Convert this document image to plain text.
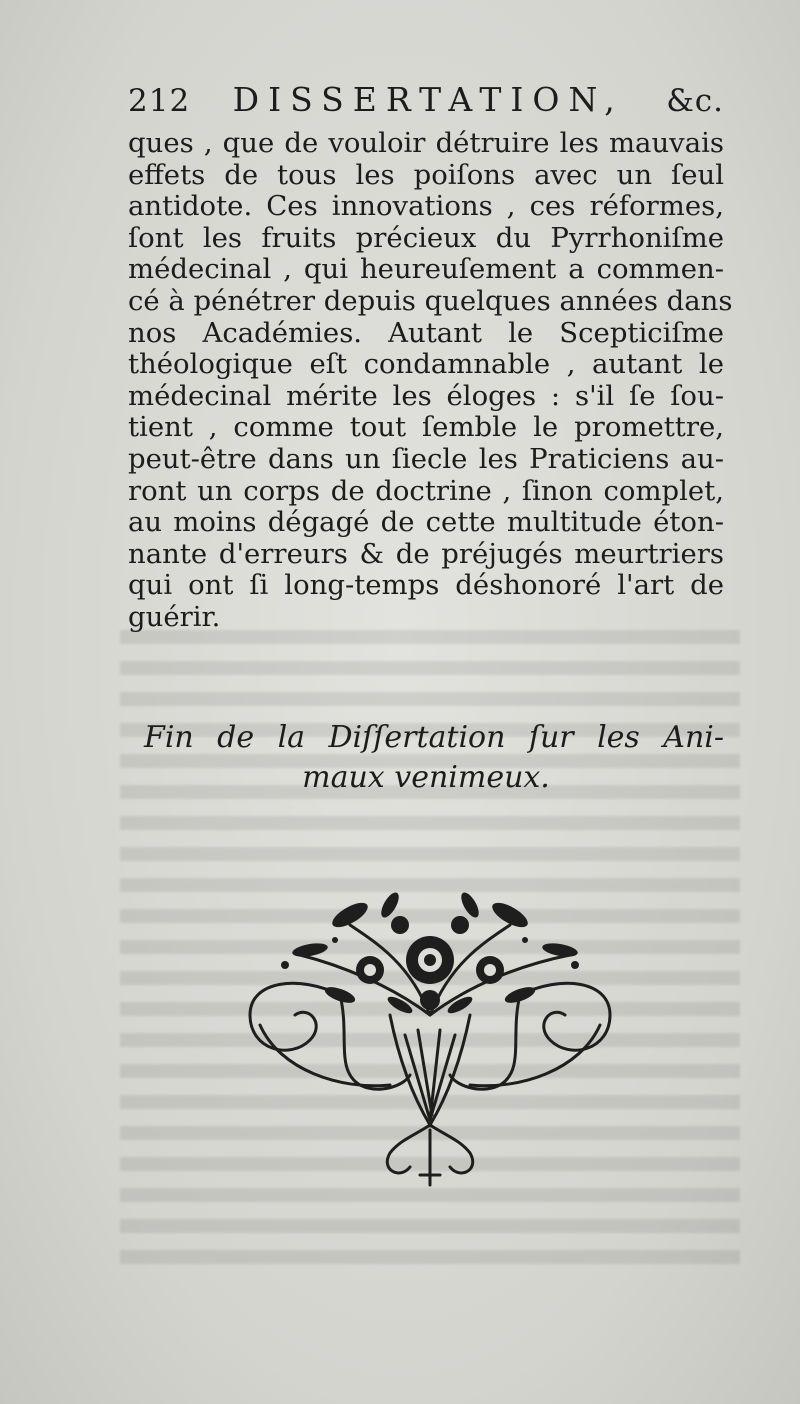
212 DISSERTATION, &c.
ques , que de vouloir détruire les mauvais
effets de tous les poiſons avec un ſeul
antidote. Ces innovations , ces réformes,
ſont les fruits précieux du Pyrrhoniſme
médecinal , qui heureuſement a commen-
cé à pénétrer depuis quelques années dans
nos Académies. Autant le Scepticiſme
théologique eſt condamnable , autant le
médecinal mérite les éloges : s'il ſe ſou-
tient , comme tout ſemble le promettre,
peut-être dans un ſiecle les Praticiens au-
ront un corps de doctrine , ſinon complet,
au moins dégagé de cette multitude éton-
nante d'erreurs & de préjugés meurtriers
qui ont ſi long-temps déshonoré l'art de
guérir.
Fin de la Diſſertation ſur les Ani-
maux venimeux.
